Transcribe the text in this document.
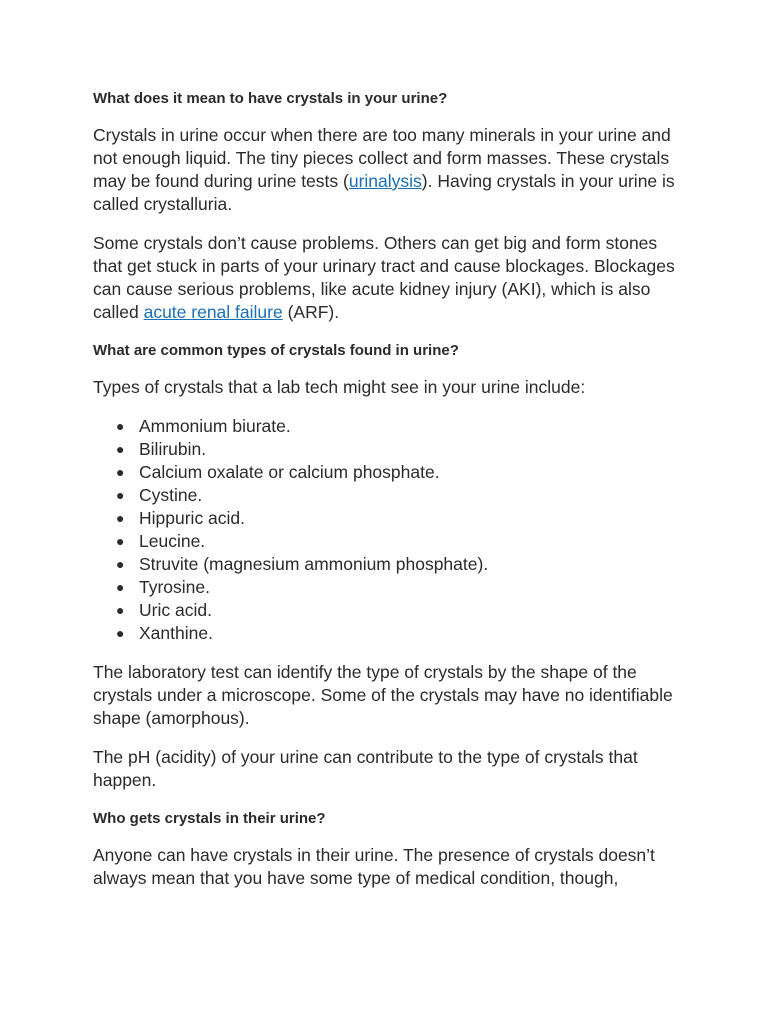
What does it mean to have crystals in your urine?

Crystals in urine occur when there are too many minerals in your urine and not enough liquid. The tiny pieces collect and form masses. These crystals may be found during urine tests (urinalysis). Having crystals in your urine is called crystalluria.

Some crystals don’t cause problems. Others can get big and form stones that get stuck in parts of your urinary tract and cause blockages. Blockages can cause serious problems, like acute kidney injury (AKI), which is also called acute renal failure (ARF).

What are common types of crystals found in urine?

Types of crystals that a lab tech might see in your urine include:

● Ammonium biurate.
● Bilirubin.
● Calcium oxalate or calcium phosphate.
● Cystine.
● Hippuric acid.
● Leucine.
● Struvite (magnesium ammonium phosphate).
● Tyrosine.
● Uric acid.
● Xanthine.

The laboratory test can identify the type of crystals by the shape of the crystals under a microscope. Some of the crystals may have no identifiable shape (amorphous).

The pH (acidity) of your urine can contribute to the type of crystals that happen.

Who gets crystals in their urine?

Anyone can have crystals in their urine. The presence of crystals doesn’t always mean that you have some type of medical condition, though,
